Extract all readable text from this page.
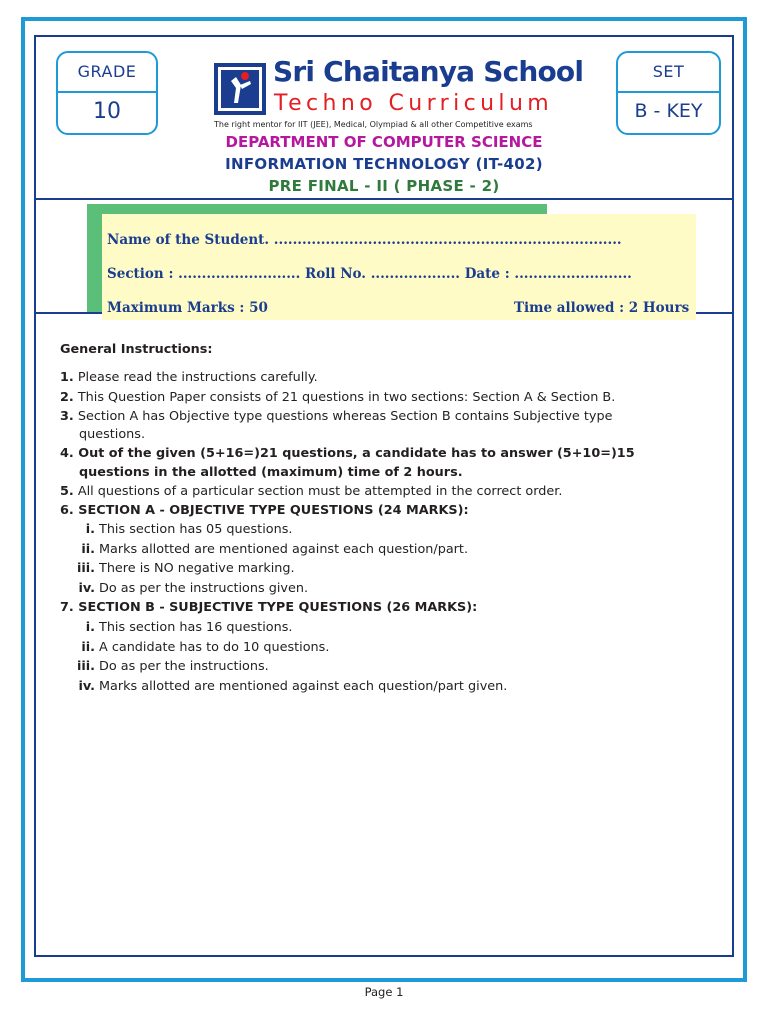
GRADE
10
SET
B - KEY
Sri Chaitanya School
Techno Curriculum
The right mentor for IIT (JEE), Medical, Olympiad & all other Competitive exams
DEPARTMENT OF COMPUTER SCIENCE
INFORMATION TECHNOLOGY (IT-402)
PRE FINAL - II ( PHASE - 2)
Name of the Student. ..........................................................................
Section : .......................... Roll No. ................... Date : .........................
Maximum Marks : 50	Time allowed : 2 Hours
General Instructions:
1. Please read the instructions carefully.
2. This Question Paper consists of 21 questions in two sections: Section A & Section B.
3. Section A has Objective type questions whereas Section B contains Subjective type
questions.
4. Out of the given (5+16=)21 questions, a candidate has to answer (5+10=)15
questions in the allotted (maximum) time of 2 hours.
5. All questions of a particular section must be attempted in the correct order.
6. SECTION A - OBJECTIVE TYPE QUESTIONS (24 MARKS):
i. This section has 05 questions.
ii. Marks allotted are mentioned against each question/part.
iii. There is NO negative marking.
iv. Do as per the instructions given.
7. SECTION B - SUBJECTIVE TYPE QUESTIONS (26 MARKS):
i. This section has 16 questions.
ii. A candidate has to do 10 questions.
iii. Do as per the instructions.
iv. Marks allotted are mentioned against each question/part given.
Page 1
